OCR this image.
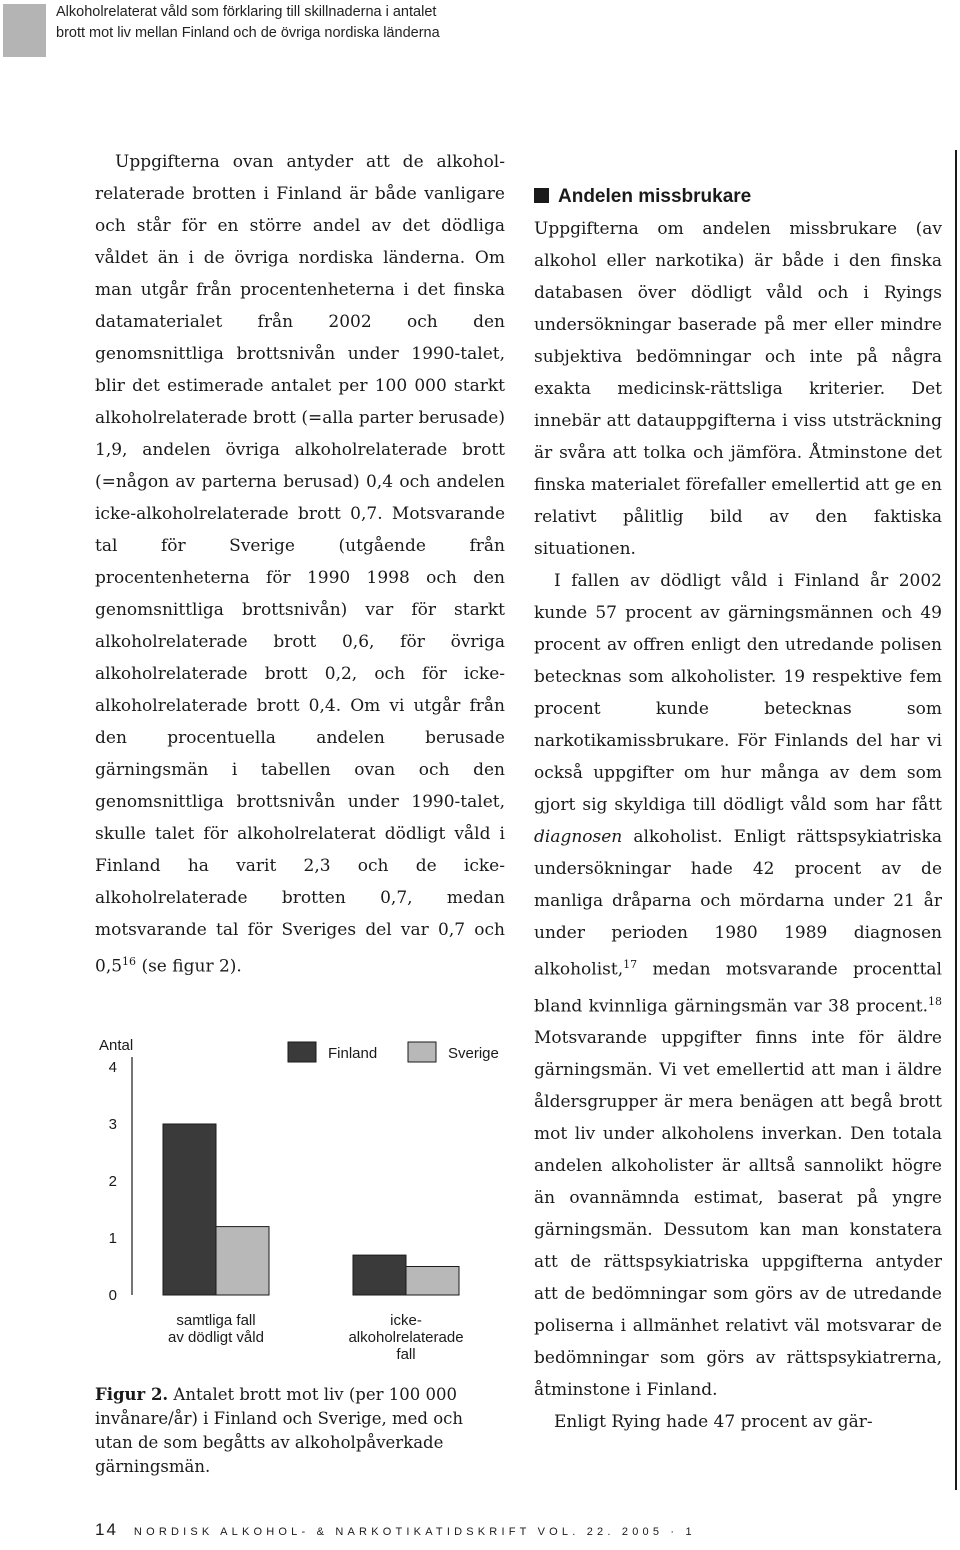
Alkoholrelaterat våld som förklaring till skillnaderna i antalet
brott mot liv mellan Finland och de övriga nordiska länderna

Uppgifterna ovan antyder att de alkoholrelaterade brotten i Finland är både vanligare och står för en större andel av det dödliga våldet än i de övriga nordiska länderna. Om man utgår från procentenheterna i det finska datamaterialet från 2002 och den genomsnittliga brottsnivån under 1990-talet, blir det estimerade antalet per 100 000 starkt alkoholrelaterade brott (=alla parter berusade) 1,9, andelen övriga alkoholrelaterade brott (=någon av parterna berusad) 0,4 och andelen icke-alkoholrelaterade brott 0,7. Motsvarande tal för Sverige (utgående från procentenheterna för 1990 1998 och den genomsnittliga brottsnivån) var för starkt alkoholrelaterade brott 0,6, för övriga alkoholrelaterade brott 0,2, och för icke-alkoholrelaterade brott 0,4. Om vi utgår från den procentuella andelen berusade gärningsmän i tabellen ovan och den genomsnittliga brottsnivån under 1990-talet, skulle talet för alkoholrelaterat dödligt våld i Finland ha varit 2,3 och de icke-alkoholrelaterade brotten 0,7, medan motsvarande tal för Sveriges del var 0,7 och $0,5^{16}$ (se figur 2).

Antal
0
1
2
3
4
samtliga fall
av dödligt våld
icke-
alkoholrelaterade
fall
Finland	Sverige
Figur 2. Antalet brott mot liv (per 100 000 invånare/år) i Finland och Sverige, med och utan de som begåtts av alkoholpåverkade gärningsmän.
Andelen missbrukare

Uppgifterna om andelen missbrukare (av alkohol eller narkotika) är både i den finska databasen över dödligt våld och i Ryings undersökningar baserade på mer eller mindre subjektiva bedömningar och inte på några exakta medicinsk-rättsliga kriterier. Det innebär att datauppgifterna i viss utsträckning är svåra att tolka och jämföra. Åtminstone det finska materialet förefaller emellertid att ge en relativt pålitlig bild av den faktiska situationen.

I fallen av dödligt våld i Finland år 2002 kunde 57 procent av gärningsmännen och 49 procent av offren enligt den utredande polisen betecknas som alkoholister. 19 respektive fem procent kunde betecknas som narkotikamissbrukare. För Finlands del har vi också uppgifter om hur många av dem som gjort sig skyldiga till dödligt våld som har fått diagnosen alkoholist. Enligt rättspsykiatriska undersökningar hade 42 procent av de manliga dråparna och mördarna under 21 år under perioden 1980 1989 diagnosen alkoholist,$^{17}$ medan motsvarande procenttal bland kvinnliga gärningsmän var 38 procent.$^{18}$ Motsvarande uppgifter finns inte för äldre gärningsmän. Vi vet emellertid att man i äldre åldersgrupper är mera benägen att begå brott mot liv under alkoholens inverkan. Den totala andelen alkoholister är alltså sannolikt högre än ovannämnda estimat, baserat på yngre gärningsmän. Dessutom kan man konstatera att de rättspsykiatriska uppgifterna antyder att de bedömningar som görs av de utredande poliserna i allmänhet relativt väl motsvarar de bedömningar som görs av rättspsykiatrerna, åtminstone i Finland.

Enligt Rying hade 47 procent av gär-

14 NORDISK ALKOHOL- & NARKOTIKATIDSKRIFT VOL. 22. 2005 · 1
